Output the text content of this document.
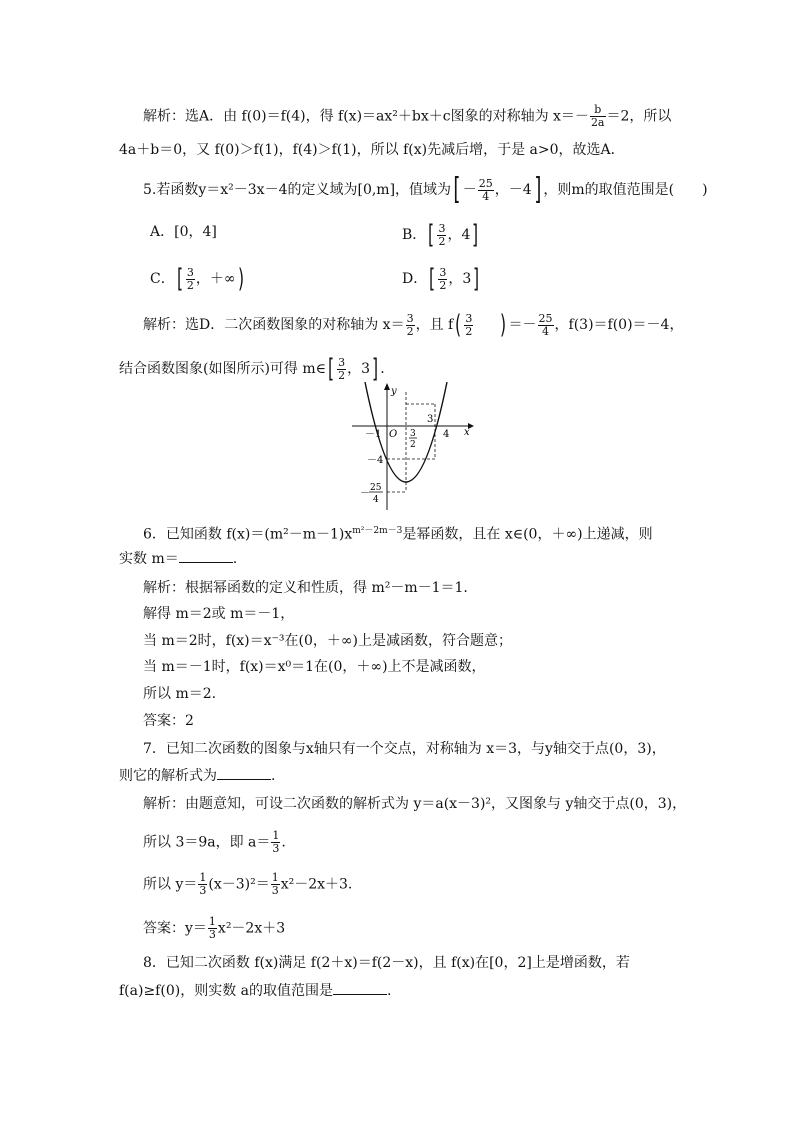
解析：选A．由 f(0)＝f(4)，得 f(x)＝ax²＋bx＋c图象的对称轴为 $x=- \frac{b}{2a} =2$，所以
4a＋b＝0，又 f(0)＞f(1)，f(4)＞f(1)，所以 f(x)先减后增，于是 a>0，故选A．
5.若函数y＝x²－3x－4的定义域为[0,m]，值域为[ － $\frac{25}{4}$ ，－4] ，则m的取值范围是(　　)
A．[0，4]	B．[ $\frac{3}{2}$ ，4]
C．[ $\frac{3}{2}$ ，＋∞)	D．[ $\frac{3}{2}$ ，3]
解析：选D．二次函数图象的对称轴为 $x= \frac{3}{2}$ ，且 $f( \frac{3}{2}$ ) ＝－ $\frac{25}{4}$ ，f(3)＝f(0)＝－4，
结合函数图象(如图所示)可得 m∈[ $\frac{3}{2}$ ，3] .
y
x
－1 O 3
2
3
4
－4
－ 25
4
6．已知函数 $f(x)=(m^2-m-1)x^{m^2-2m-3}$是幂函数，且在 x∈(0，＋∞)上递减，则
实数 m＝	.
解析：根据幂函数的定义和性质，得 m²－m－1＝1.
解得 m＝2或 m＝－1，
当 m＝2时，f(x)＝x⁻³在(0，＋∞)上是减函数，符合题意；
当 m＝－1时，f(x)＝x⁰＝1在(0，＋∞)上不是减函数，
所以 m＝2.
答案：2
7．已知二次函数的图象与x轴只有一个交点，对称轴为 x＝3，与y轴交于点(0，3)，
则它的解析式为	.
解析：由题意知，可设二次函数的解析式为 y＝a(x－3)²，又图象与 y轴交于点(0，3)，
所以 3＝9a，即 $a= \frac{1}{3}$ .
所以 $y= \frac{1}{3} (x-3)^2= \frac{1}{3} x^2-2x+3$.
答案：$y= \frac{1}{3} x^2-2x+3$
8．已知二次函数 f(x)满足 f(2＋x)＝f(2－x)，且 f(x)在[0，2]上是增函数，若
f(a)≥f(0)，则实数 a的取值范围是	.
